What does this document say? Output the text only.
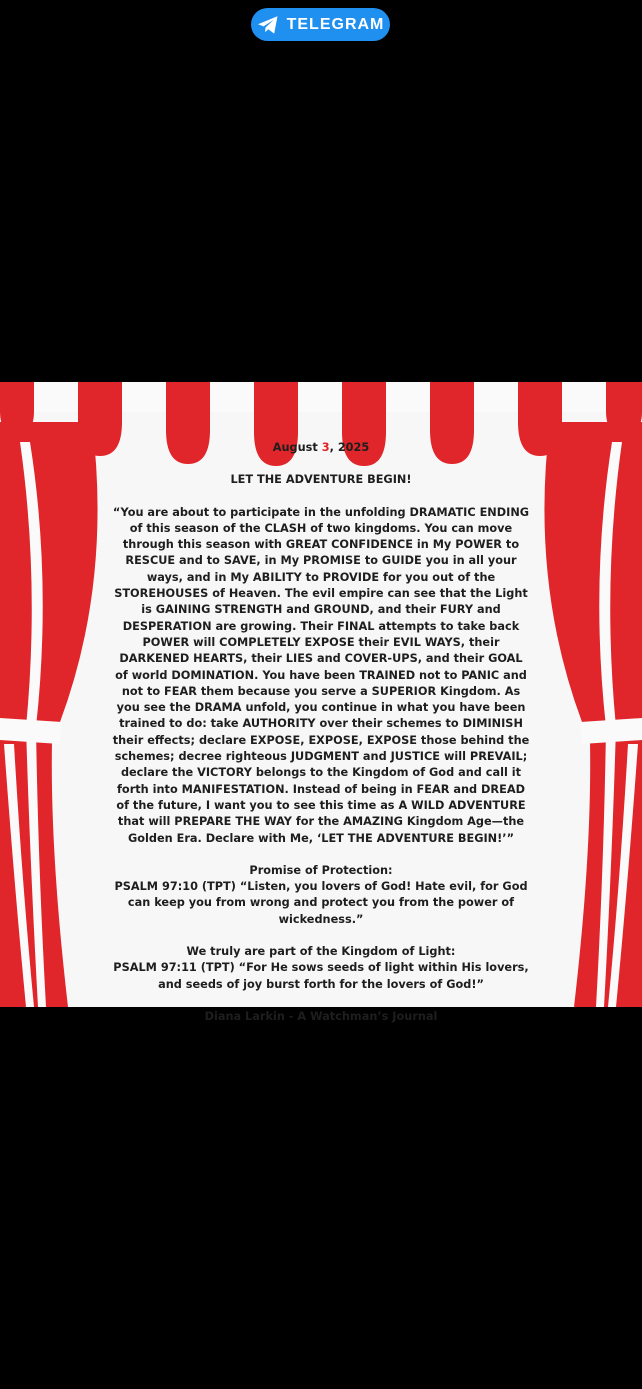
TELEGRAM

August 3, 2025

LET THE ADVENTURE BEGIN!

“You are about to participate in the unfolding DRAMATIC ENDING of this season of the CLASH of two kingdoms. You can move through this season with GREAT CONFIDENCE in My POWER to RESCUE and to SAVE, in My PROMISE to GUIDE you in all your ways, and in My ABILITY to PROVIDE for you out of the STOREHOUSES of Heaven. The evil empire can see that the Light is GAINING STRENGTH and GROUND, and their FURY and DESPERATION are growing. Their FINAL attempts to take back POWER will COMPLETELY EXPOSE their EVIL WAYS, their DARKENED HEARTS, their LIES and COVER-UPS, and their GOAL of world DOMINATION. You have been TRAINED not to PANIC and not to FEAR them because you serve a SUPERIOR Kingdom. As you see the DRAMA unfold, you continue in what you have been trained to do: take AUTHORITY over their schemes to DIMINISH their effects; declare EXPOSE, EXPOSE, EXPOSE those behind the schemes; decree righteous JUDGMENT and JUSTICE will PREVAIL; declare the VICTORY belongs to the Kingdom of God and call it forth into MANIFESTATION. Instead of being in FEAR and DREAD of the future, I want you to see this time as A WILD ADVENTURE that will PREPARE THE WAY for the AMAZING Kingdom Age—the Golden Era. Declare with Me, ‘LET THE ADVENTURE BEGIN!’”

Promise of Protection:

PSALM 97:10 (TPT) “Listen, you lovers of God! Hate evil, for God can keep you from wrong and protect you from the power of wickedness.”

We truly are part of the Kingdom of Light:

PSALM 97:11 (TPT) “For He sows seeds of light within His lovers, and seeds of joy burst forth for the lovers of God!”

Diana Larkin - A Watchman’s Journal
